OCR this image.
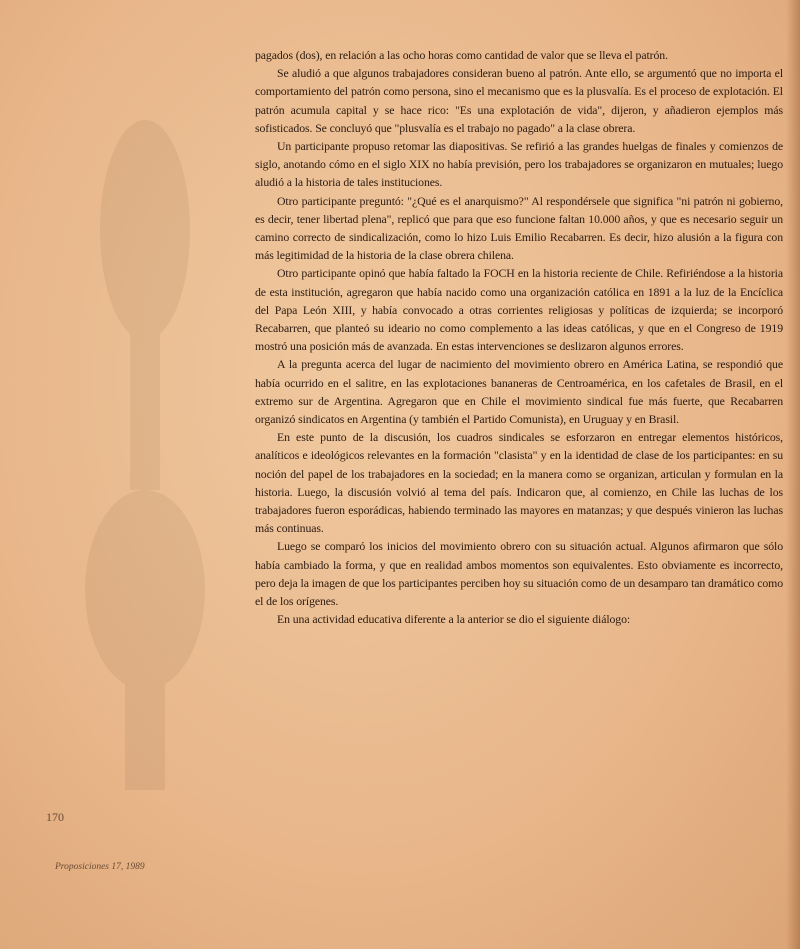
pagados (dos), en relación a las ocho horas como cantidad de valor que se lleva el patrón.

Se aludió a que algunos trabajadores consideran bueno al patrón. Ante ello, se argumentó que no importa el comportamiento del patrón como persona, sino el mecanismo que es la plusvalía. Es el proceso de explotación. El patrón acumula capital y se hace rico: "Es una explotación de vida", dijeron, y añadieron ejemplos más sofisticados. Se concluyó que "plusvalía es el trabajo no pagado" a la clase obrera.

Un participante propuso retomar las diapositivas. Se refirió a las grandes huelgas de finales y comienzos de siglo, anotando cómo en el siglo XIX no había previsión, pero los trabajadores se organizaron en mutuales; luego aludió a la historia de tales instituciones.

Otro participante preguntó: "¿Qué es el anarquismo?" Al respondérsele que significa "ni patrón ni gobierno, es decir, tener libertad plena", replicó que para que eso funcione faltan 10.000 años, y que es necesario seguir un camino correcto de sindicalización, como lo hizo Luis Emilio Recabarren. Es decir, hizo alusión a la figura con más legitimidad de la historia de la clase obrera chilena.

Otro participante opinó que había faltado la FOCH en la historia reciente de Chile. Refiriéndose a la historia de esta institución, agregaron que había nacido como una organización católica en 1891 a la luz de la Encíclica del Papa León XIII, y había convocado a otras corrientes religiosas y políticas de izquierda; se incorporó Recabarren, que planteó su ideario no como complemento a las ideas católicas, y que en el Congreso de 1919 mostró una posición más de avanzada. En estas intervenciones se deslizaron algunos errores.

A la pregunta acerca del lugar de nacimiento del movimiento obrero en América Latina, se respondió que había ocurrido en el salitre, en las explotaciones bananeras de Centroamérica, en los cafetales de Brasil, en el extremo sur de Argentina. Agregaron que en Chile el movimiento sindical fue más fuerte, que Recabarren organizó sindicatos en Argentina (y también el Partido Comunista), en Uruguay y en Brasil.

En este punto de la discusión, los cuadros sindicales se esforzaron en entregar elementos históricos, analíticos e ideológicos relevantes en la formación "clasista" y en la identidad de clase de los participantes: en su noción del papel de los trabajadores en la sociedad; en la manera como se organizan, articulan y formulan en la historia. Luego, la discusión volvió al tema del país. Indicaron que, al comienzo, en Chile las luchas de los trabajadores fueron esporádicas, habiendo terminado las mayores en matanzas; y que después vinieron las luchas más continuas.

Luego se comparó los inicios del movimiento obrero con su situación actual. Algunos afirmaron que sólo había cambiado la forma, y que en realidad ambos momentos son equivalentes. Esto obviamente es incorrecto, pero deja la imagen de que los participantes perciben hoy su situación como de un desamparo tan dramático como el de los orígenes.

En una actividad educativa diferente a la anterior se dio el siguiente diálogo:

170
Proposiciones 17, 1989
